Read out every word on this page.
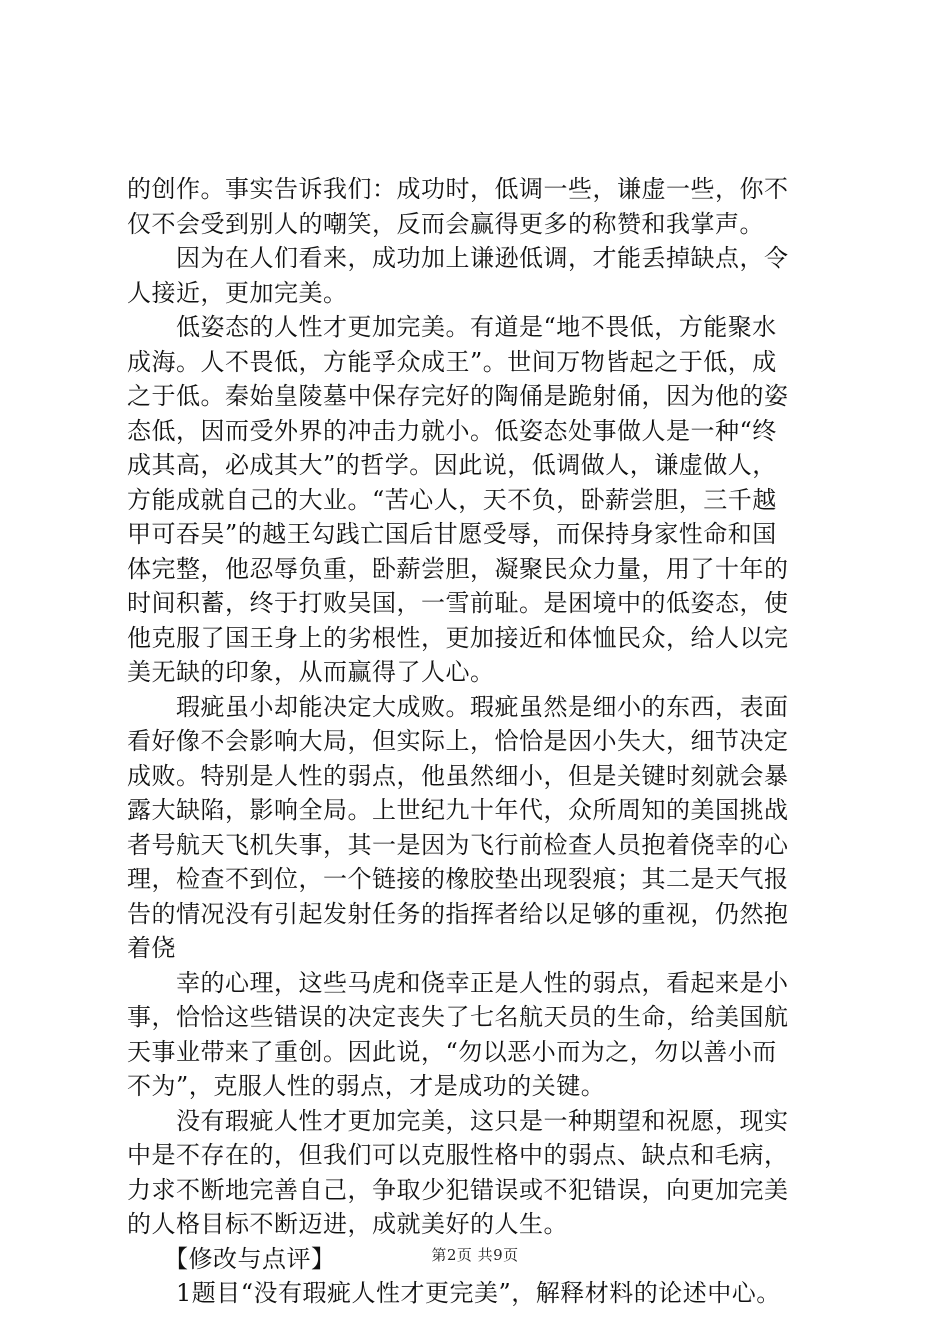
的创作。事实告诉我们：成功时，低调一些，谦虚一些，你不
仅不会受到别人的嘲笑，反而会赢得更多的称赞和我掌声。
　　因为在人们看来，成功加上谦逊低调，才能丢掉缺点，令
人接近，更加完美。
　　低姿态的人性才更加完美。有道是“地不畏低，方能聚水
成海。人不畏低，方能孚众成王”。世间万物皆起之于低，成
之于低。秦始皇陵墓中保存完好的陶俑是跪射俑，因为他的姿
态低，因而受外界的冲击力就小。低姿态处事做人是一种“终
成其高，必成其大”的哲学。因此说，低调做人，谦虚做人，
方能成就自己的大业。“苦心人，天不负，卧薪尝胆，三千越
甲可吞吴”的越王勾践亡国后甘愿受辱，而保持身家性命和国
体完整，他忍辱负重，卧薪尝胆，凝聚民众力量，用了十年的
时间积蓄，终于打败吴国，一雪前耻。是困境中的低姿态，使
他克服了国王身上的劣根性，更加接近和体恤民众，给人以完
美无缺的印象，从而赢得了人心。
　　瑕疵虽小却能决定大成败。瑕疵虽然是细小的东西，表面
看好像不会影响大局，但实际上，恰恰是因小失大，细节决定
成败。特别是人性的弱点，他虽然细小，但是关键时刻就会暴
露大缺陷，影响全局。上世纪九十年代，众所周知的美国挑战
者号航天飞机失事，其一是因为飞行前检查人员抱着侥幸的心
理，检查不到位，一个链接的橡胶垫出现裂痕；其二是天气报
告的情况没有引起发射任务的指挥者给以足够的重视，仍然抱
着侥
　　幸的心理，这些马虎和侥幸正是人性的弱点，看起来是小
事，恰恰这些错误的决定丧失了七名航天员的生命，给美国航
天事业带来了重创。因此说，“勿以恶小而为之，勿以善小而
不为”，克服人性的弱点，才是成功的关键。
　　没有瑕疵人性才更加完美，这只是一种期望和祝愿，现实
中是不存在的，但我们可以克服性格中的弱点、缺点和毛病，
力求不断地完善自己，争取少犯错误或不犯错误，向更加完美
的人格目标不断迈进，成就美好的人生。
　　【修改与点评】
　　1题目“没有瑕疵人性才更完美”，解释材料的论述中心。
第2页 共9页
